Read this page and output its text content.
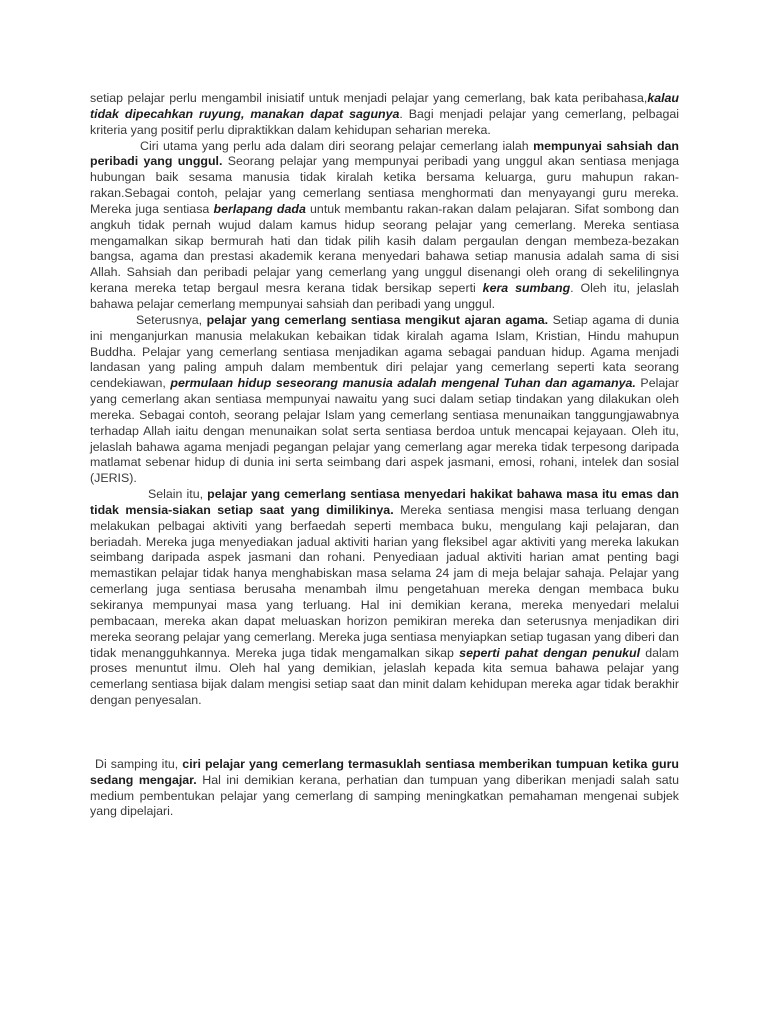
setiap pelajar perlu mengambil inisiatif untuk menjadi pelajar yang cemerlang, bak kata peribahasa,kalau tidak dipecahkan ruyung, manakan dapat sagunya. Bagi menjadi pelajar yang cemerlang, pelbagai kriteria yang positif perlu dipraktikkan dalam kehidupan seharian mereka.

Ciri utama yang perlu ada dalam diri seorang pelajar cemerlang ialah mempunyai sahsiah dan peribadi yang unggul. Seorang pelajar yang mempunyai peribadi yang unggul akan sentiasa menjaga hubungan baik sesama manusia tidak kiralah ketika bersama keluarga, guru mahupun rakan-rakan.Sebagai contoh, pelajar yang cemerlang sentiasa menghormati dan menyayangi guru mereka. Mereka juga sentiasa berlapang dada untuk membantu rakan-rakan dalam pelajaran. Sifat sombong dan angkuh tidak pernah wujud dalam kamus hidup seorang pelajar yang cemerlang. Mereka sentiasa mengamalkan sikap bermurah hati dan tidak pilih kasih dalam pergaulan dengan membeza-bezakan bangsa, agama dan prestasi akademik kerana menyedari bahawa setiap manusia adalah sama di sisi Allah. Sahsiah dan peribadi pelajar yang cemerlang yang unggul disenangi oleh orang di sekelilingnya kerana mereka tetap bergaul mesra kerana tidak bersikap seperti kera sumbang. Oleh itu, jelaslah bahawa pelajar cemerlang mempunyai sahsiah dan peribadi yang unggul.

Seterusnya, pelajar yang cemerlang sentiasa mengikut ajaran agama. Setiap agama di dunia ini menganjurkan manusia melakukan kebaikan tidak kiralah agama Islam, Kristian, Hindu mahupun Buddha. Pelajar yang cemerlang sentiasa menjadikan agama sebagai panduan hidup. Agama menjadi landasan yang paling ampuh dalam membentuk diri pelajar yang cemerlang seperti kata seorang cendekiawan, permulaan hidup seseorang manusia adalah mengenal Tuhan dan agamanya. Pelajar yang cemerlang akan sentiasa mempunyai nawaitu yang suci dalam setiap tindakan yang dilakukan oleh mereka. Sebagai contoh, seorang pelajar Islam yang cemerlang sentiasa menunaikan tanggungjawabnya terhadap Allah iaitu dengan menunaikan solat serta sentiasa berdoa untuk mencapai kejayaan. Oleh itu, jelaslah bahawa agama menjadi pegangan pelajar yang cemerlang agar mereka tidak terpesong daripada matlamat sebenar hidup di dunia ini serta seimbang dari aspek jasmani, emosi, rohani, intelek dan sosial (JERIS).

Selain itu, pelajar yang cemerlang sentiasa menyedari hakikat bahawa masa itu emas dan tidak mensia-siakan setiap saat yang dimilikinya. Mereka sentiasa mengisi masa terluang dengan melakukan pelbagai aktiviti yang berfaedah seperti membaca buku, mengulang kaji pelajaran, dan beriadah. Mereka juga menyediakan jadual aktiviti harian yang fleksibel agar aktiviti yang mereka lakukan seimbang daripada aspek jasmani dan rohani. Penyediaan jadual aktiviti harian amat penting bagi memastikan pelajar tidak hanya menghabiskan masa selama 24 jam di meja belajar sahaja. Pelajar yang cemerlang juga sentiasa berusaha menambah ilmu pengetahuan mereka dengan membaca buku sekiranya mempunyai masa yang terluang. Hal ini demikian kerana, mereka menyedari melalui pembacaan, mereka akan dapat meluaskan horizon pemikiran mereka dan seterusnya menjadikan diri mereka seorang pelajar yang cemerlang. Mereka juga sentiasa menyiapkan setiap tugasan yang diberi dan tidak menangguhkannya. Mereka juga tidak mengamalkan sikap seperti pahat dengan penukul dalam proses menuntut ilmu. Oleh hal yang demikian, jelaslah kepada kita semua bahawa pelajar yang cemerlang sentiasa bijak dalam mengisi setiap saat dan minit dalam kehidupan mereka agar tidak berakhir dengan penyesalan.

Di samping itu, ciri pelajar yang cemerlang termasuklah sentiasa memberikan tumpuan ketika guru sedang mengajar. Hal ini demikian kerana, perhatian dan tumpuan yang diberikan menjadi salah satu medium pembentukan pelajar yang cemerlang di samping meningkatkan pemahaman mengenai subjek yang dipelajari.
